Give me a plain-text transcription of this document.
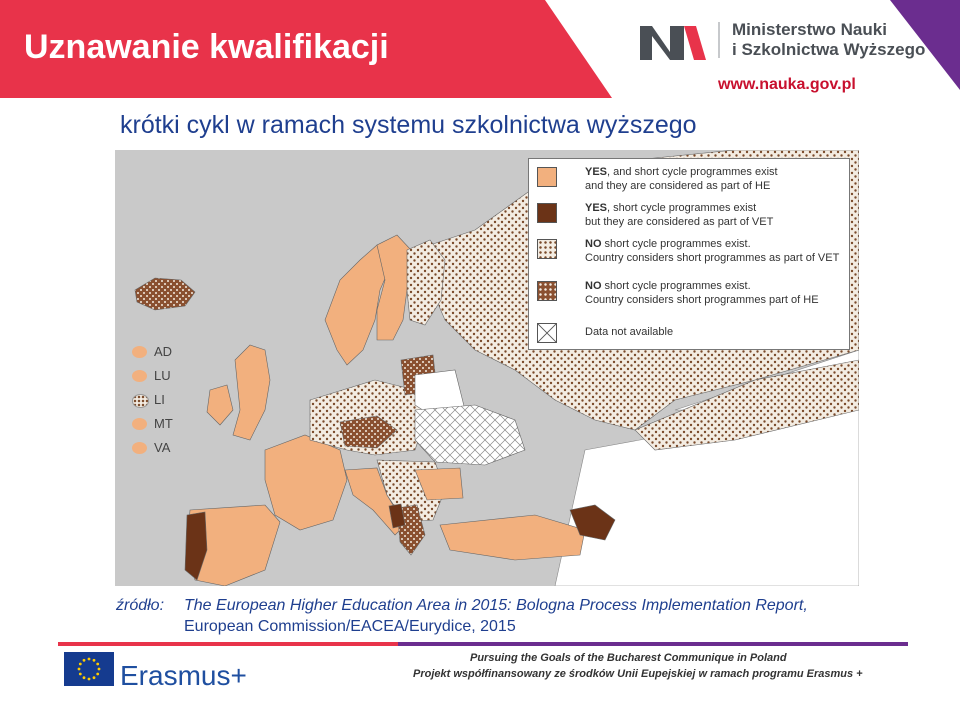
Uznawanie kwalifikacji	Ministerstwo Nauki
i Szkolnictwa Wyższego
www.nauka.gov.pl
krótki cykl w ramach systemu szkolnictwa wyższego
YES, and short cycle programmes exist
and they are considered as part of HE
YES, short cycle programmes exist
but they are considered as part of VET
NO short cycle programmes exist.
Country considers short programmes as part of VET
NO short cycle programmes exist.
Country considers short programmes part of HE
Data not available
AD
LU
LI
MT
VA
źródło: The European Higher Education Area in 2015: Bologna Process Implementation Report,
European Commission/EACEA/Eurydice, 2015
Erasmus+
Pursuing the Goals of the Bucharest Communique in Poland
Projekt współfinansowany ze środków Unii Eupejskiej w ramach programu Erasmus +
